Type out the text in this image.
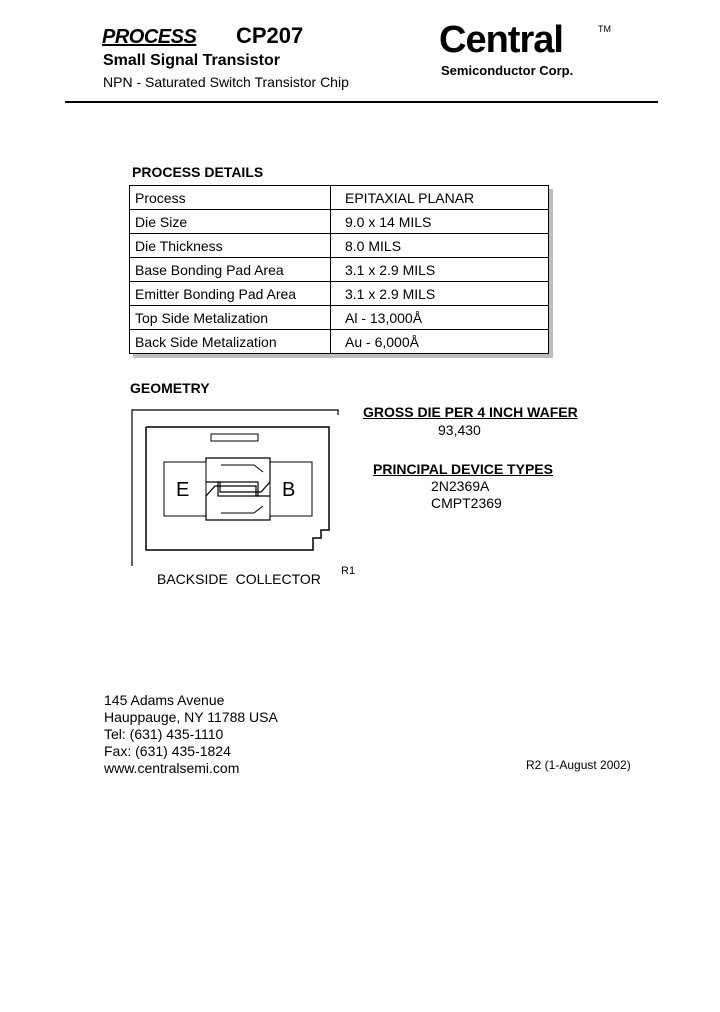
PROCESS CP207
Small Signal Transistor
NPN - Saturated Switch Transistor Chip
Central	TM
Semiconductor Corp.
PROCESS DETAILS
Process	EPITAXIAL PLANAR
Die Size	9.0 x 14 MILS
Die Thickness	8.0 MILS
Base Bonding Pad Area	3.1 x 2.9 MILS
Emitter Bonding Pad Area	3.1 x 2.9 MILS
Top Side Metalization	Al - 13,000Å
Back Side Metalization	Au - 6,000Å
GEOMETRY
E	B
BACKSIDE  COLLECTOR R1
GROSS DIE PER 4 INCH WAFER
93,430
PRINCIPAL DEVICE TYPES
2N2369A
CMPT2369
145 Adams Avenue
Hauppauge, NY 11788 USA
Tel: (631) 435-1110
Fax: (631) 435-1824
www.centralsemi.com	R2 (1-August 2002)
